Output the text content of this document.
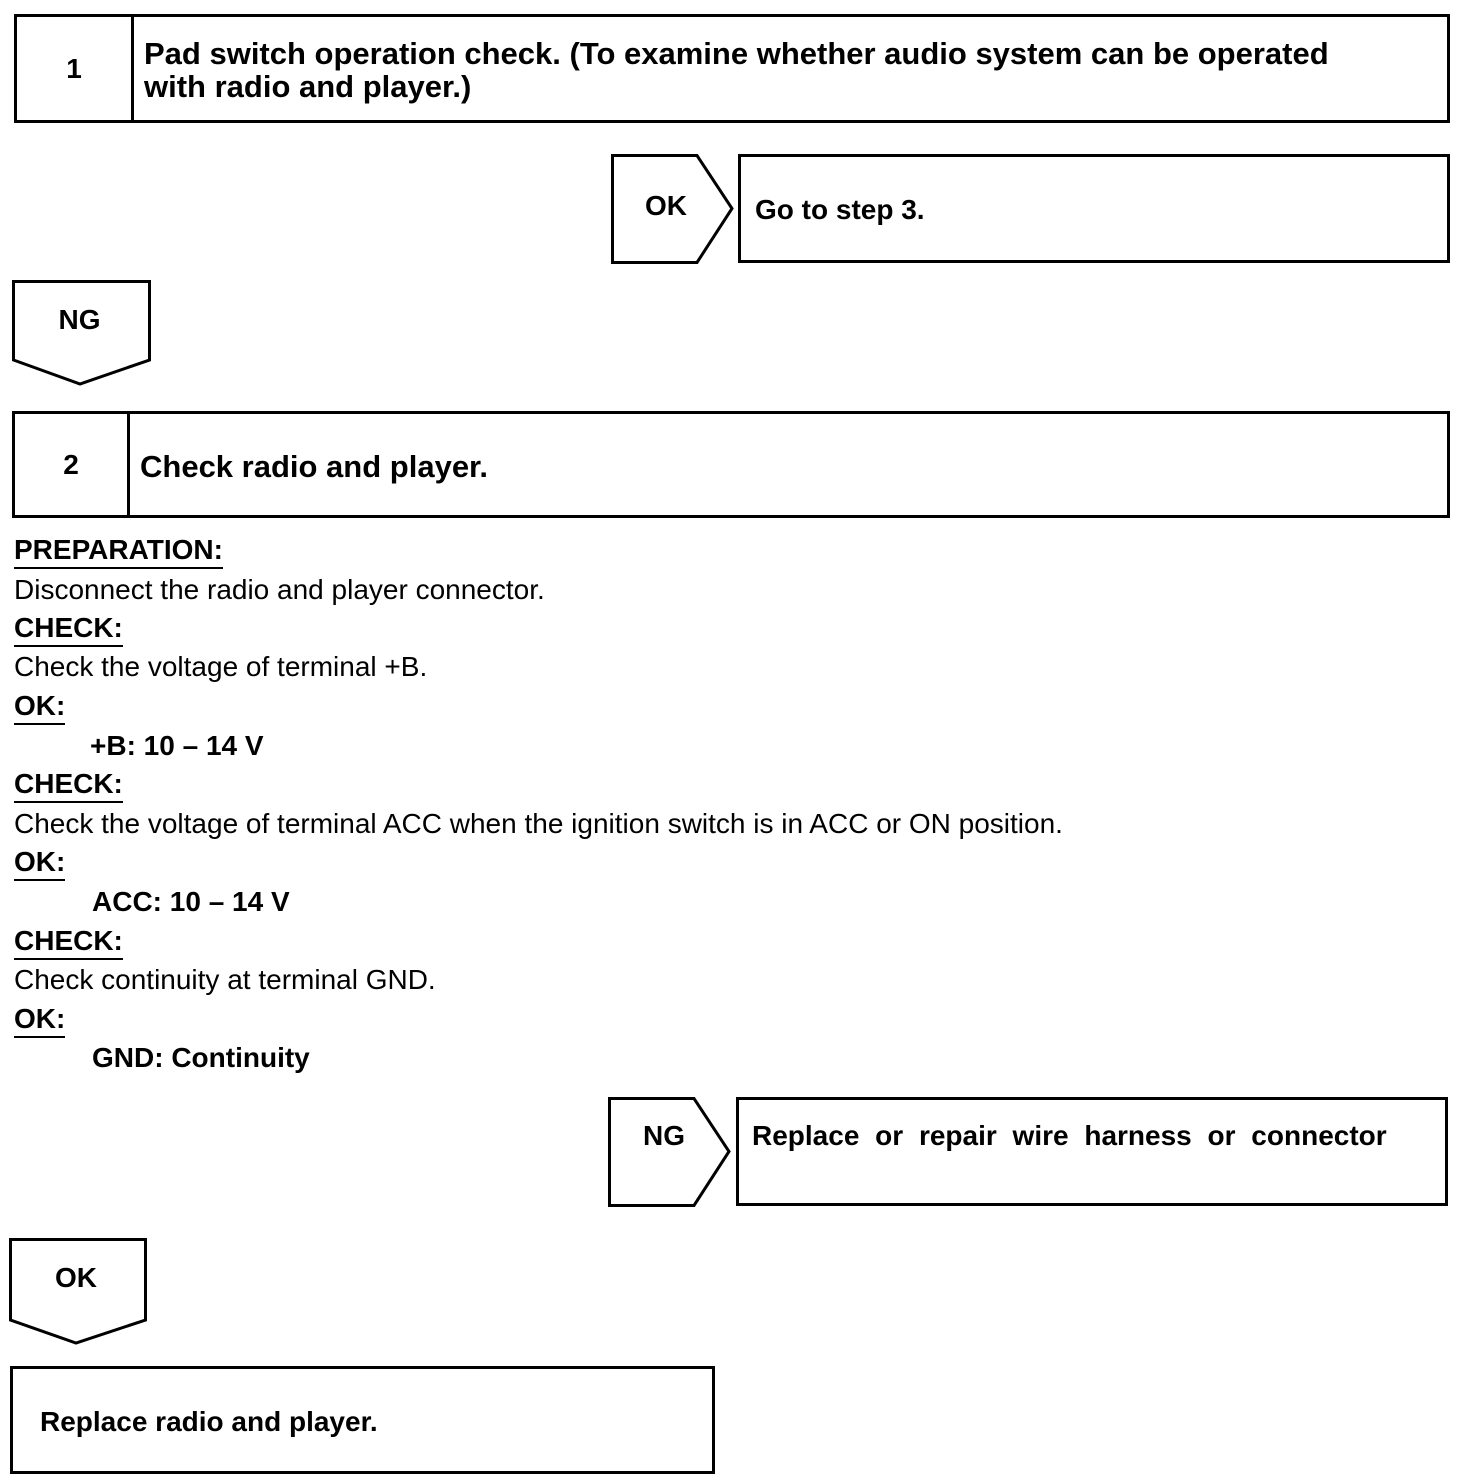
1	Pad switch operation check. (To examine whether audio system can be operated
with radio and player.)
OK	Go to step 3.
NG
2	Check radio and player.
PREPARATION:
Disconnect the radio and player connector.
CHECK:
Check the voltage of terminal +B.
OK:
+B: 10 – 14 V
CHECK:
Check the voltage of terminal ACC when the ignition switch is in ACC or ON position.
OK:
ACC: 10 – 14 V
CHECK:
Check continuity at terminal GND.
OK:
GND: Continuity
NG	Replace or repair wire harness or connector
OK
Replace radio and player.
